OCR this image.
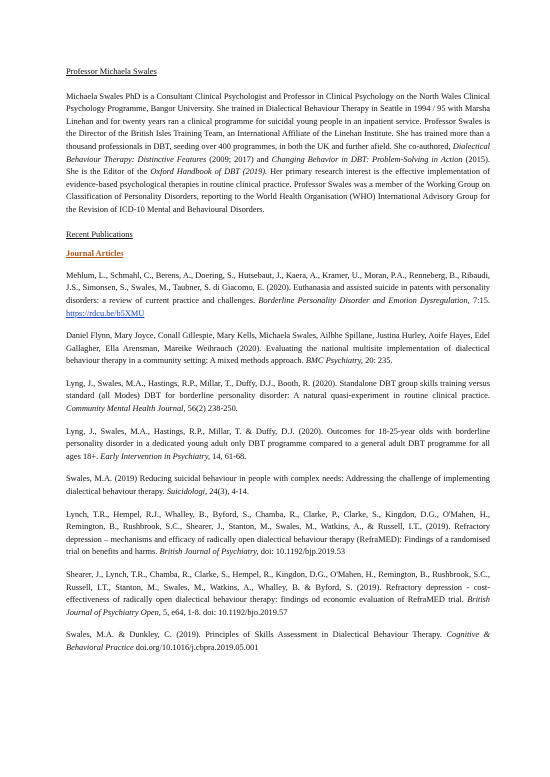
Professor Michaela Swales
Michaela Swales PhD is a Consultant Clinical Psychologist and Professor in Clinical Psychology on the North Wales Clinical Psychology Programme, Bangor University. She trained in Dialectical Behaviour Therapy in Seattle in 1994 / 95 with Marsha Linehan and for twenty years ran a clinical programme for suicidal young people in an inpatient service. Professor Swales is the Director of the British Isles Training Team, an International Affiliate of the Linehan Institute. She has trained more than a thousand professionals in DBT, seeding over 400 programmes, in both the UK and further afield. She co-authored, Dialectical Behaviour Therapy: Distinctive Features (2009; 2017) and Changing Behavior in DBT: Problem-Solving in Action (2015). She is the Editor of the Oxford Handbook of DBT (2019). Her primary research interest is the effective implementation of evidence-based psychological therapies in routine clinical practice. Professor Swales was a member of the Working Group on Classification of Personality Disorders, reporting to the World Health Organisation (WHO) International Advisory Group for the Revision of ICD-10 Mental and Behavioural Disorders.
Recent Publications
Journal Articles
Mehlum, L., Schmahl, C., Berens, A., Doering, S., Hutsebaut, J., Kaera, A., Kramer, U., Moran, P.A., Renneberg, B., Ribaudi, J.S., Simonsen, S., Swales, M., Taubner, S. di Giacomo, E. (2020). Euthanasia and assisted suicide in patents with personality disorders: a review of current practice and challenges. Borderline Personality Disorder and Emotion Dysregulation, 7:15. https://rdcu.be/b5XMU
Daniel Flynn, Mary Joyce, Conall Gillespie, Mary Kells, Michaela Swales, Ailbhe Spillane, Justina Hurley, Aoife Hayes, Edel Gallagher, Ella Arensman, Mareike Weihrauch (2020). Evaluating the national multisite implementation of dialectical behaviour therapy in a community setting: A mixed methods approach. BMC Psychiatry, 20: 235.
Lyng, J., Swales, M.A., Hastings, R.P., Millar, T., Duffy, D.J., Booth, R. (2020). Standalone DBT group skills training versus standard (all Modes) DBT for borderline personality disorder: A natural quasi-experiment in routine clinical practice. Community Mental Health Journal, 56(2) 238-250.
Lyng, J., Swales, M.A., Hastings, R.P., Millar, T. & Duffy, D.J. (2020). Outcomes for 18-25-year olds with borderline personality disorder in a dedicated young adult only DBT programme compared to a general adult DBT programme for all ages 18+. Early Intervention in Psychiatry, 14, 61-68.
Swales, M.A. (2019) Reducing suicidal behaviour in people with complex needs: Addressing the challenge of implementing dialectical behaviour therapy. Suicidologi, 24(3), 4-14.
Lynch, T.R., Hempel, R.J., Whalley, B., Byford, S., Chamba, R., Clarke, P., Clarke, S., Kingdon, D.G., O'Mahen, H., Remington, B., Rushbrook, S.C., Shearer, J., Stanton, M., Swales, M., Watkins, A., & Russell, I.T., (2019). Refractory depression – mechanisms and efficacy of radically open dialectical behaviour therapy (RefraMED): Findings of a randomised trial on benefits and harms. British Journal of Psychiatry, doi: 10.1192/bjp.2019.53
Shearer, J., Lynch, T.R., Chamba, R., Clarke, S., Hempel, R., Kingdon, D.G., O'Mahen, H., Remington, B., Rushbrook, S.C., Russell, I.T., Stanton, M., Swales, M., Watkins, A., Whalley, B. & Byford, S. (2019). Refractory depression - cost-effectiveness of radically open dialectical behaviour therapy: findings od economic evaluation of RefraMED trial. British Journal of Psychiatry Open, 5, e64, 1-8. doi: 10.1192/bjo.2019.57
Swales, M.A. & Dunkley, C. (2019). Principles of Skills Assessment in Dialectical Behaviour Therapy. Cognitive & Behavioral Practice doi.org/10.1016/j.cbpra.2019.05.001
